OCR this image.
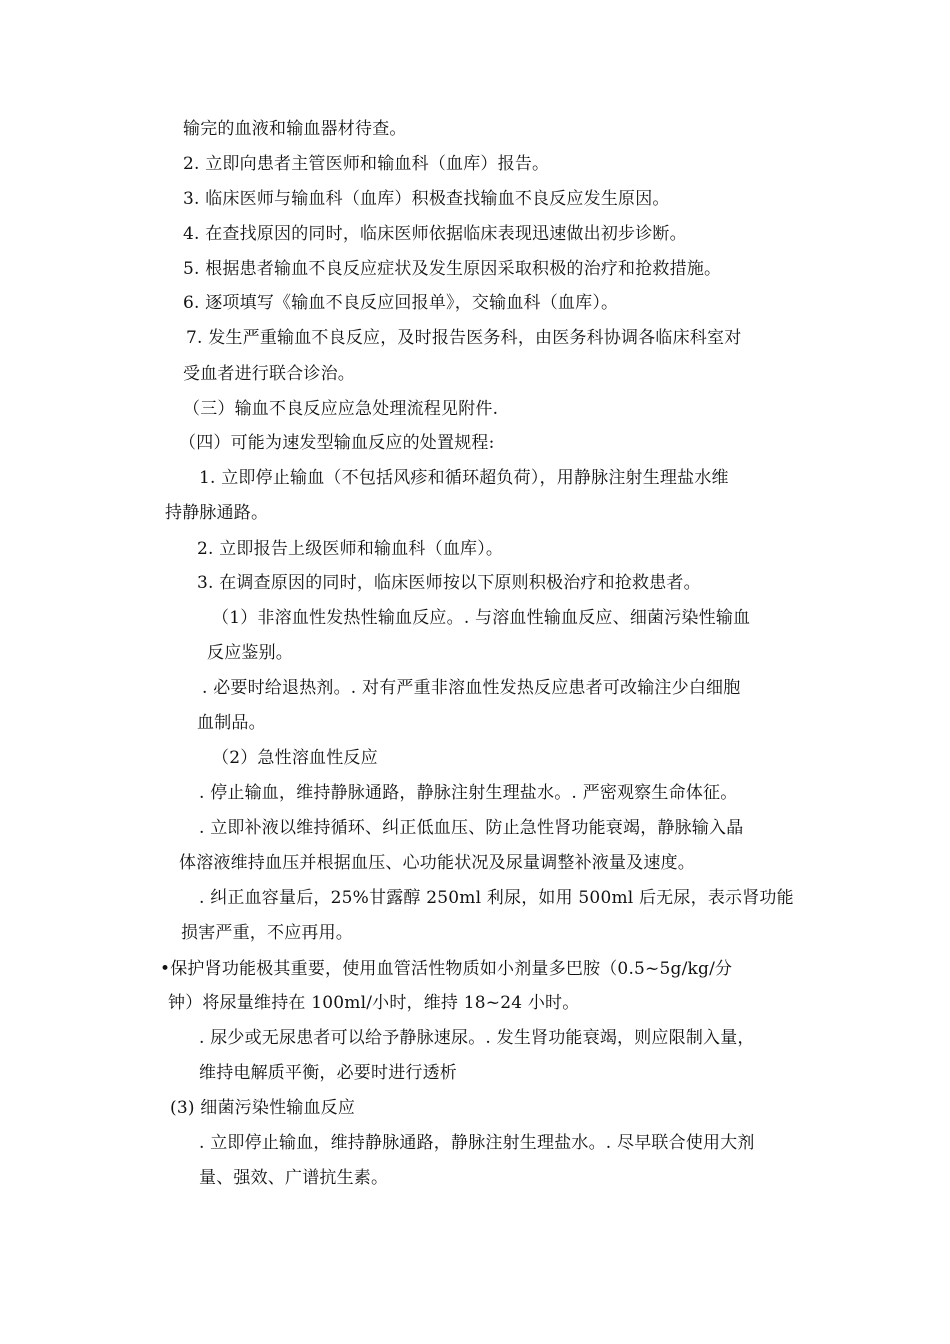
输完的血液和输血器材待查。
2. 立即向患者主管医师和输血科（血库）报告。
3. 临床医师与输血科（血库）积极查找输血不良反应发生原因。
4. 在查找原因的同时，临床医师依据临床表现迅速做出初步诊断。
5. 根据患者输血不良反应症状及发生原因采取积极的治疗和抢救措施。
6. 逐项填写《输血不良反应回报单》，交输血科（血库）。
7. 发生严重输血不良反应，及时报告医务科，由医务科协调各临床科室对
受血者进行联合诊治。
（三）输血不良反应应急处理流程见附件.
（四）可能为速发型输血反应的处置规程:
1. 立即停止输血（不包括风疹和循环超负荷），用静脉注射生理盐水维
持静脉通路。
2. 立即报告上级医师和输血科（血库）。
3. 在调查原因的同时，临床医师按以下原则积极治疗和抢救患者。
（1）非溶血性发热性输血反应。. 与溶血性输血反应、细菌污染性输血
反应鉴别。
. 必要时给退热剂。. 对有严重非溶血性发热反应患者可改输注少白细胞
血制品。
（2）急性溶血性反应
. 停止输血，维持静脉通路，静脉注射生理盐水。. 严密观察生命体征。
. 立即补液以维持循环、纠正低血压、防止急性肾功能衰竭，静脉输入晶
体溶液维持血压并根据血压、心功能状况及尿量调整补液量及速度。
. 纠正血容量后，25%甘露醇 250ml 利尿，如用 500ml 后无尿，表示肾功能
损害严重，不应再用。
•保护肾功能极其重要，使用血管活性物质如小剂量多巴胺（0.5~5g/kg/分
钟）将尿量维持在 100ml/小时，维持 18~24 小时。
. 尿少或无尿患者可以给予静脉速尿。. 发生肾功能衰竭，则应限制入量，
维持电解质平衡，必要时进行透析
(3) 细菌污染性输血反应
. 立即停止输血，维持静脉通路，静脉注射生理盐水。. 尽早联合使用大剂
量、强效、广谱抗生素。
